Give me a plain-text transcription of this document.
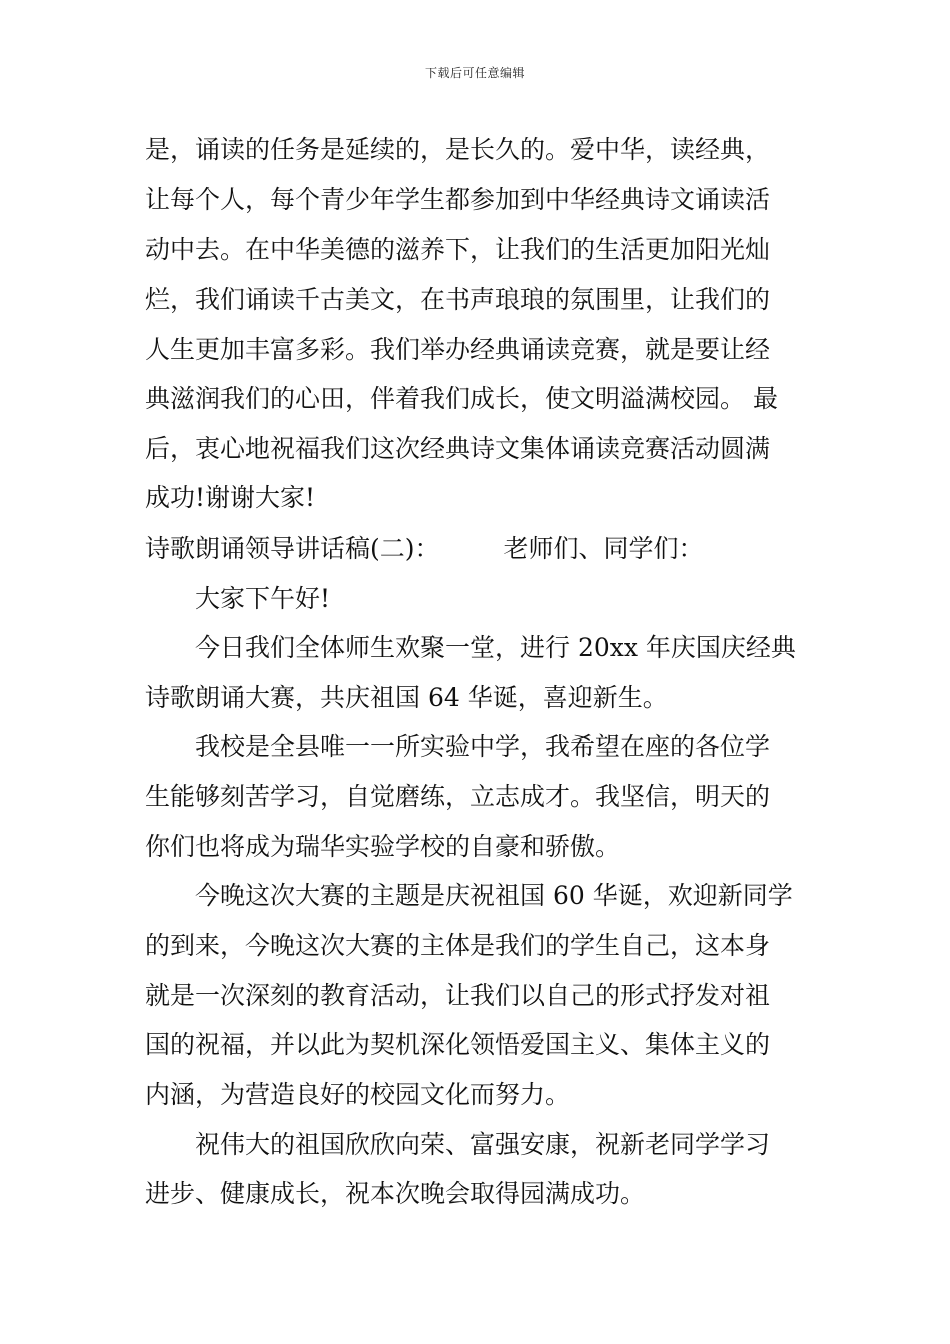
下载后可任意编辑
是，诵读的任务是延续的，是长久的。爱中华，读经典，
让每个人，每个青少年学生都参加到中华经典诗文诵读活
动中去。在中华美德的滋养下，让我们的生活更加阳光灿
烂，我们诵读千古美文，在书声琅琅的氛围里，让我们的
人生更加丰富多彩。我们举办经典诵读竞赛，就是要让经
典滋润我们的心田，伴着我们成长，使文明溢满校园。 最
后，衷心地祝福我们这次经典诗文集体诵读竞赛活动圆满
成功!谢谢大家!
诗歌朗诵领导讲话稿(二)：	老师们、同学们：
大家下午好!
今日我们全体师生欢聚一堂，进行 20xx 年庆国庆经典
诗歌朗诵大赛，共庆祖国 64 华诞，喜迎新生。
我校是全县唯一一所实验中学，我希望在座的各位学
生能够刻苦学习，自觉磨练，立志成才。我坚信，明天的
你们也将成为瑞华实验学校的自豪和骄傲。
今晚这次大赛的主题是庆祝祖国 60 华诞，欢迎新同学
的到来，今晚这次大赛的主体是我们的学生自己，这本身
就是一次深刻的教育活动，让我们以自己的形式抒发对祖
国的祝福，并以此为契机深化领悟爱国主义、集体主义的
内涵，为营造良好的校园文化而努力。
祝伟大的祖国欣欣向荣、富强安康，祝新老同学学习
进步、健康成长，祝本次晚会取得园满成功。
